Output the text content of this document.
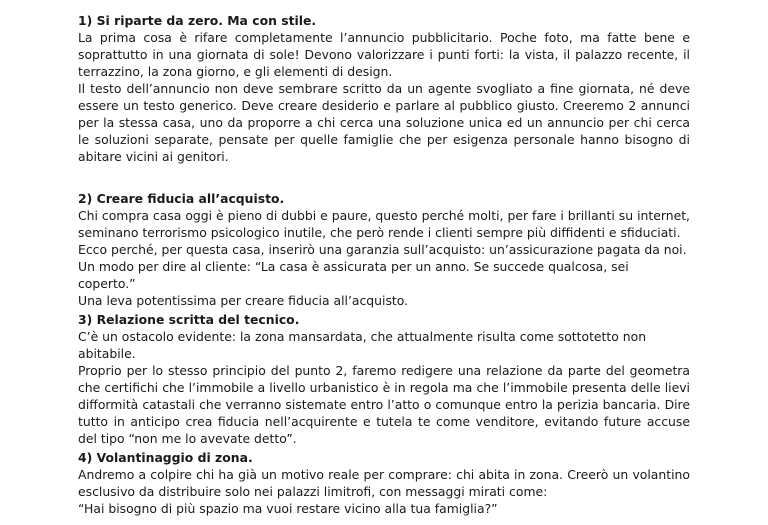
1) Si riparte da zero. Ma con stile.

La prima cosa è rifare completamente l’annuncio pubblicitario. Poche foto, ma fatte bene e soprattutto in una giornata di sole! Devono valorizzare i punti forti: la vista, il palazzo recente, il terrazzino, la zona giorno, e gli elementi di design.

Il testo dell’annuncio non deve sembrare scritto da un agente svogliato a fine giornata, né deve essere un testo generico. Deve creare desiderio e parlare al pubblico giusto. Creeremo 2 annunci per la stessa casa, uno da proporre a chi cerca una soluzione unica ed un annuncio per chi cerca le soluzioni separate, pensate per quelle famiglie che per esigenza personale hanno bisogno di abitare vicini ai genitori.

2) Creare fiducia all’acquisto.

Chi compra casa oggi è pieno di dubbi e paure, questo perché molti, per fare i brillanti su internet, seminano terrorismo psicologico inutile, che però rende i clienti sempre più diffidenti e sfiduciati.

Ecco perché, per questa casa, inserirò una garanzia sull’acquisto: un’assicurazione pagata da noi.

Un modo per dire al cliente: “La casa è assicurata per un anno. Se succede qualcosa, sei coperto.”

Una leva potentissima per creare fiducia all’acquisto.

3) Relazione scritta del tecnico.

C’è un ostacolo evidente: la zona mansardata, che attualmente risulta come sottotetto non abitabile.

Proprio per lo stesso principio del punto 2, faremo redigere una relazione da parte del geometra che certifichi che l’immobile a livello urbanistico è in regola ma che l’immobile presenta delle lievi difformità catastali che verranno sistemate entro l’atto o comunque entro la perizia bancaria. Dire tutto in anticipo crea fiducia nell’acquirente e tutela te come venditore, evitando future accuse del tipo “non me lo avevate detto”.

4) Volantinaggio di zona.

Andremo a colpire chi ha già un motivo reale per comprare: chi abita in zona. Creerò un volantino esclusivo da distribuire solo nei palazzi limitrofi, con messaggi mirati come:

“Hai bisogno di più spazio ma vuoi restare vicino alla tua famiglia?”
